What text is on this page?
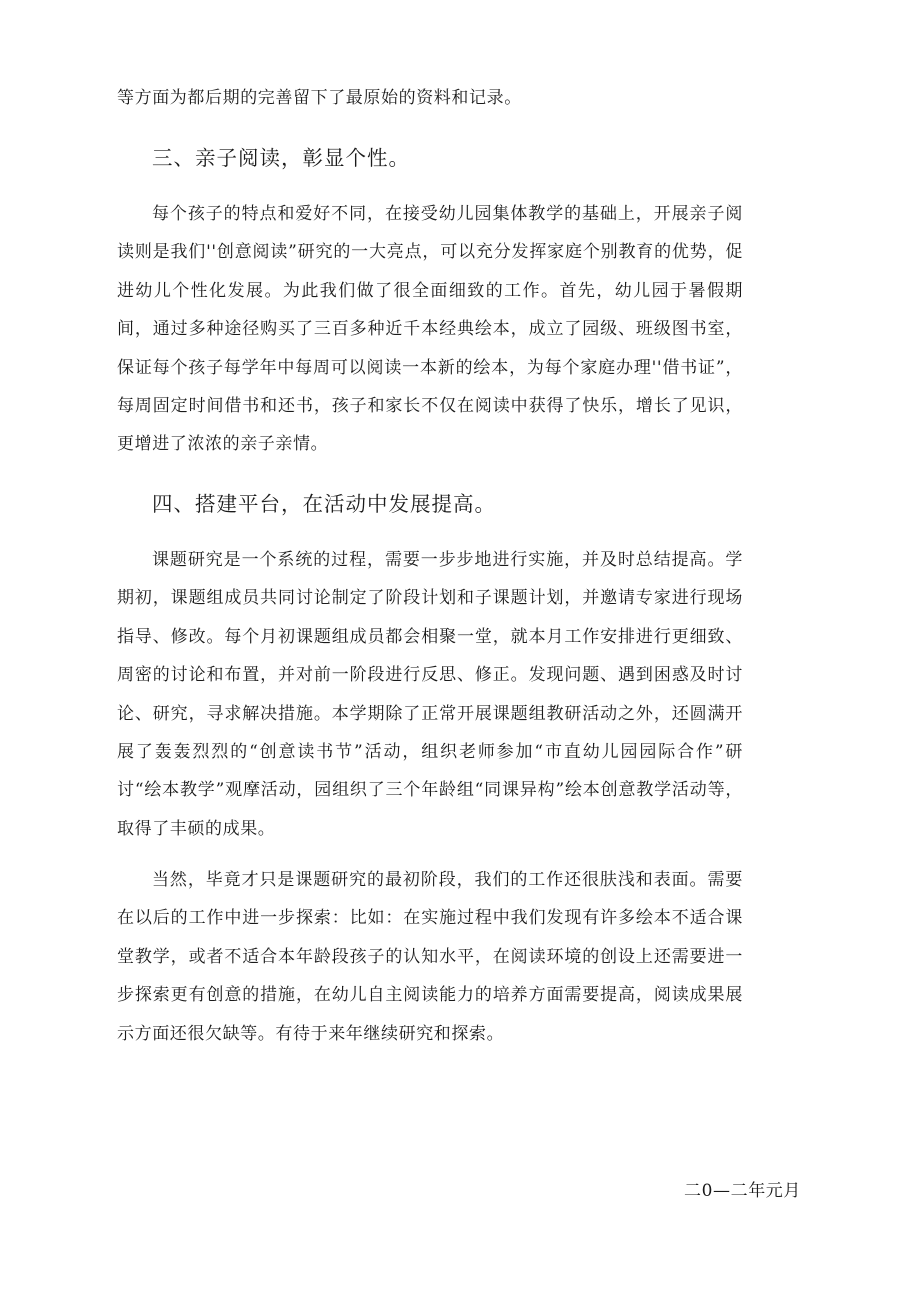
等方面为都后期的完善留下了最原始的资料和记录。

三、亲子阅读，彰显个性。

每个孩子的特点和爱好不同，在接受幼儿园集体教学的基础上，开展亲子阅读则是我们''创意阅读”研究的一大亮点，可以充分发挥家庭个别教育的优势，促进幼儿个性化发展。为此我们做了很全面细致的工作。首先，幼儿园于暑假期间，通过多种途径购买了三百多种近千本经典绘本，成立了园级、班级图书室，保证每个孩子每学年中每周可以阅读一本新的绘本，为每个家庭办理''借书证”，每周固定时间借书和还书，孩子和家长不仅在阅读中获得了快乐，增长了见识，更增进了浓浓的亲子亲情。

四、搭建平台，在活动中发展提高。

课题研究是一个系统的过程，需要一步步地进行实施，并及时总结提高。学期初，课题组成员共同讨论制定了阶段计划和子课题计划，并邀请专家进行现场指导、修改。每个月初课题组成员都会相聚一堂，就本月工作安排进行更细致、周密的讨论和布置，并对前一阶段进行反思、修正。发现问题、遇到困惑及时讨论、研究，寻求解决措施。本学期除了正常开展课题组教研活动之外，还圆满开展了轰轰烈烈的“创意读书节”活动，组织老师参加“市直幼儿园园际合作”研讨“绘本教学”观摩活动，园组织了三个年龄组“同课异构”绘本创意教学活动等，取得了丰硕的成果。

当然，毕竟才只是课题研究的最初阶段，我们的工作还很肤浅和表面。需要在以后的工作中进一步探索：比如：在实施过程中我们发现有许多绘本不适合课堂教学，或者不适合本年龄段孩子的认知水平，在阅读环境的创设上还需要进一步探索更有创意的措施，在幼儿自主阅读能力的培养方面需要提高，阅读成果展示方面还很欠缺等。有待于来年继续研究和探索。

二0—二年元月
